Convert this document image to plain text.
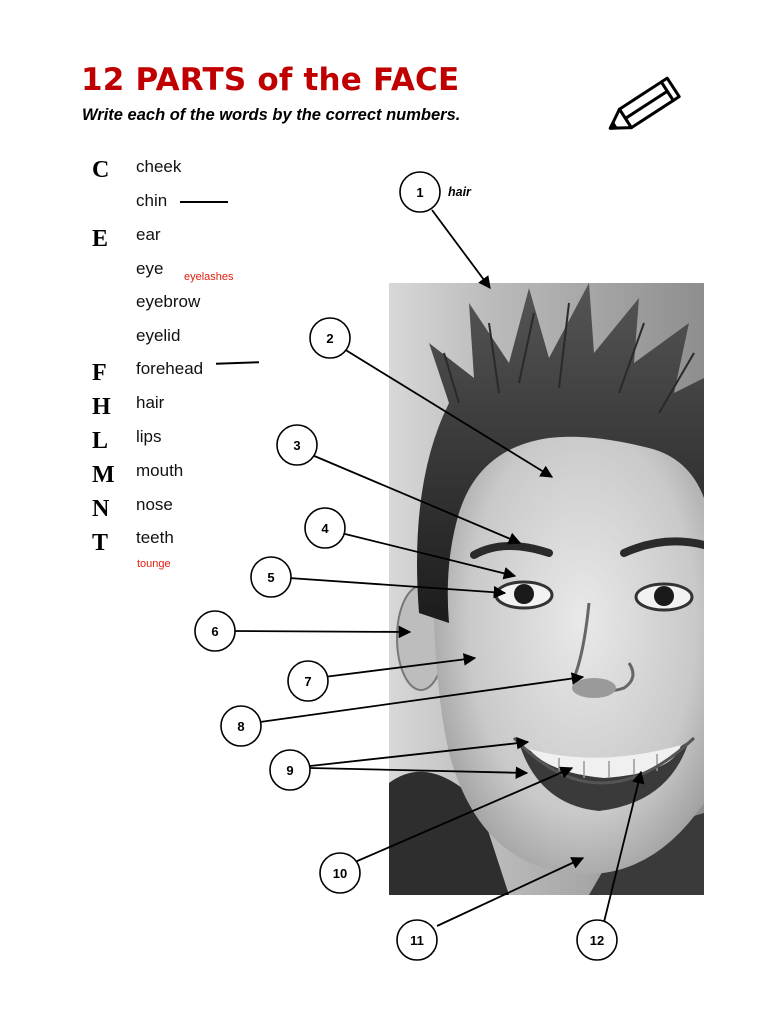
12 PARTS of the FACE
Write each of the words by the correct numbers.
C
E
F
H
L
M
N
T
cheek
chin
ear
eye
eyebrow
eyelid
forehead
hair
lips
mouth
nose
teeth
eyelashes
tounge
1
2
3
4
5
6
7
8
9
10
11	12
hair
